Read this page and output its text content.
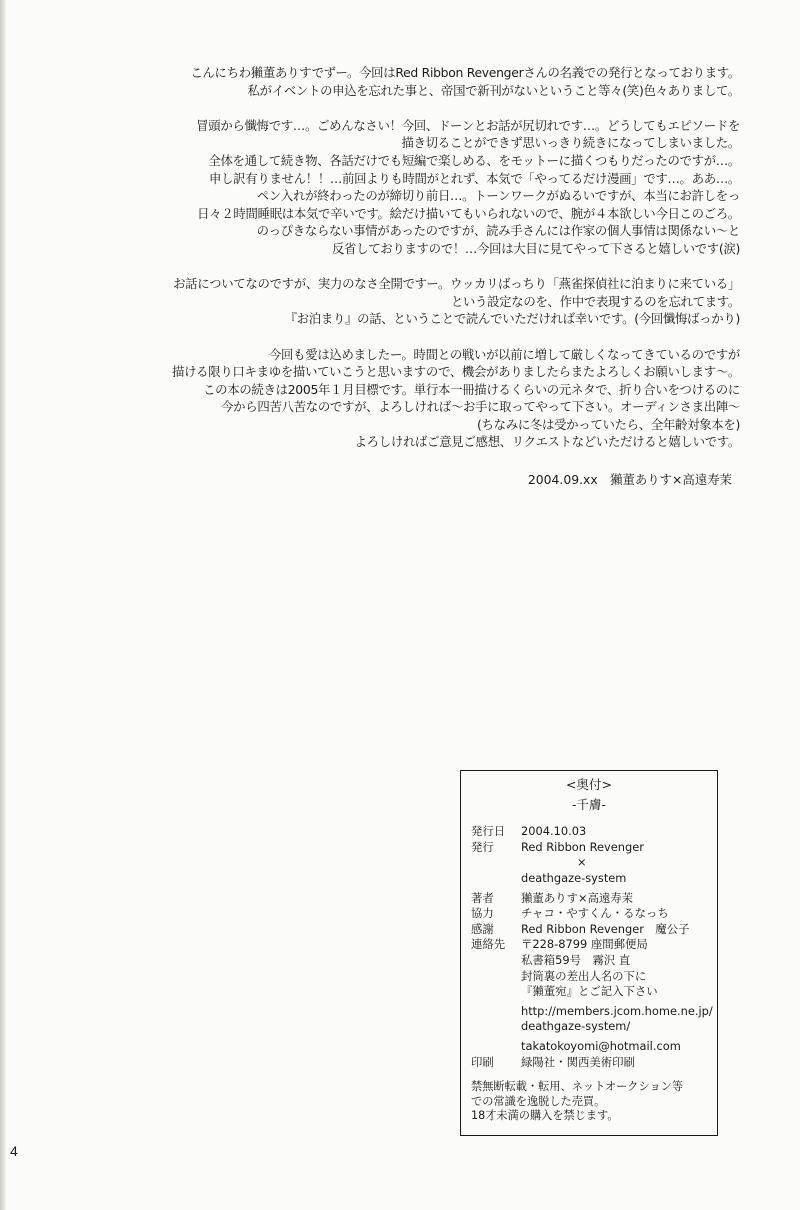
こんにちわ獺董ありすでずー。今回はRed Ribbon Revengerさんの名義での発行となっております。
私がイベントの申込を忘れた事と、帝国で新刊がないということ等々(笑)色々ありまして。
冒頭から懺悔です…。ごめんなさい！今回、ドーンとお話が尻切れです…。どうしてもエピソードを
描き切ることができず思いっきり続きになってしまいました。
全体を通して続き物、各話だけでも短編で楽しめる、をモットーに描くつもりだったのですが…。
申し訳有りません！！…前回よりも時間がとれず、本気で「やってるだけ漫画」です…。ああ…。
ペン入れが終わったのが締切り前日…。トーンワークがぬるいですが、本当にお許しをっ
日々２時間睡眠は本気で辛いです。絵だけ描いてもいられないので、腕が４本欲しい今日このごろ。
のっぴきならない事情があったのですが、読み手さんには作家の個人事情は関係ない～と
反省しておりますので！…今回は大目に見てやって下さると嬉しいです(涙)
お話についてなのですが、実力のなさ全開ですー。ウッカリばっちり「燕雀探偵社に泊まりに来ている」
という設定なのを、作中で表現するのを忘れてます。
『お泊まり』の話、ということで読んでいただければ幸いです。(今回懺悔ばっかり)
今回も愛は込めましたー。時間との戦いが以前に増して厳しくなってきているのですが
描ける限り口キまゆを描いていこうと思いますので、機会がありましたらまたよろしくお願いします～。
この本の続きは2005年１月目標です。単行本一冊描けるくらいの元ネタで、折り合いをつけるのに
今から四苦八苦なのですが、よろしければ～お手に取ってやって下さい。オーディンさま出陣～
(ちなみに冬は受かっていたら、全年齢対象本を)
よろしければご意見ご感想、リクエストなどいただけると嬉しいです。
2004.09.xx　獺董ありす×高遠寿茉
<奥付>
-千膚-
発行日	2004.10.03
発行	Red Ribbon Revenger
×
deathgaze-system
著者	獺董ありす×高遠寿茉
協力	チャコ・やすくん・るなっち
感謝	Red Ribbon Revenger　魔公子
連絡先	〒228-8799 座間郵便局
私書箱59号　霧沢 直
封筒裏の差出人名の下に
『獺董宛』とご記入下さい
http://members.jcom.home.ne.jp/
deathgaze-system/
takatokoyomi@hotmail.com
印刷	緑陽社・関西美術印刷
禁無断転載・転用、ネットオークション等
での常識を逸脱した売買。
18才未満の購入を禁じます。
4
